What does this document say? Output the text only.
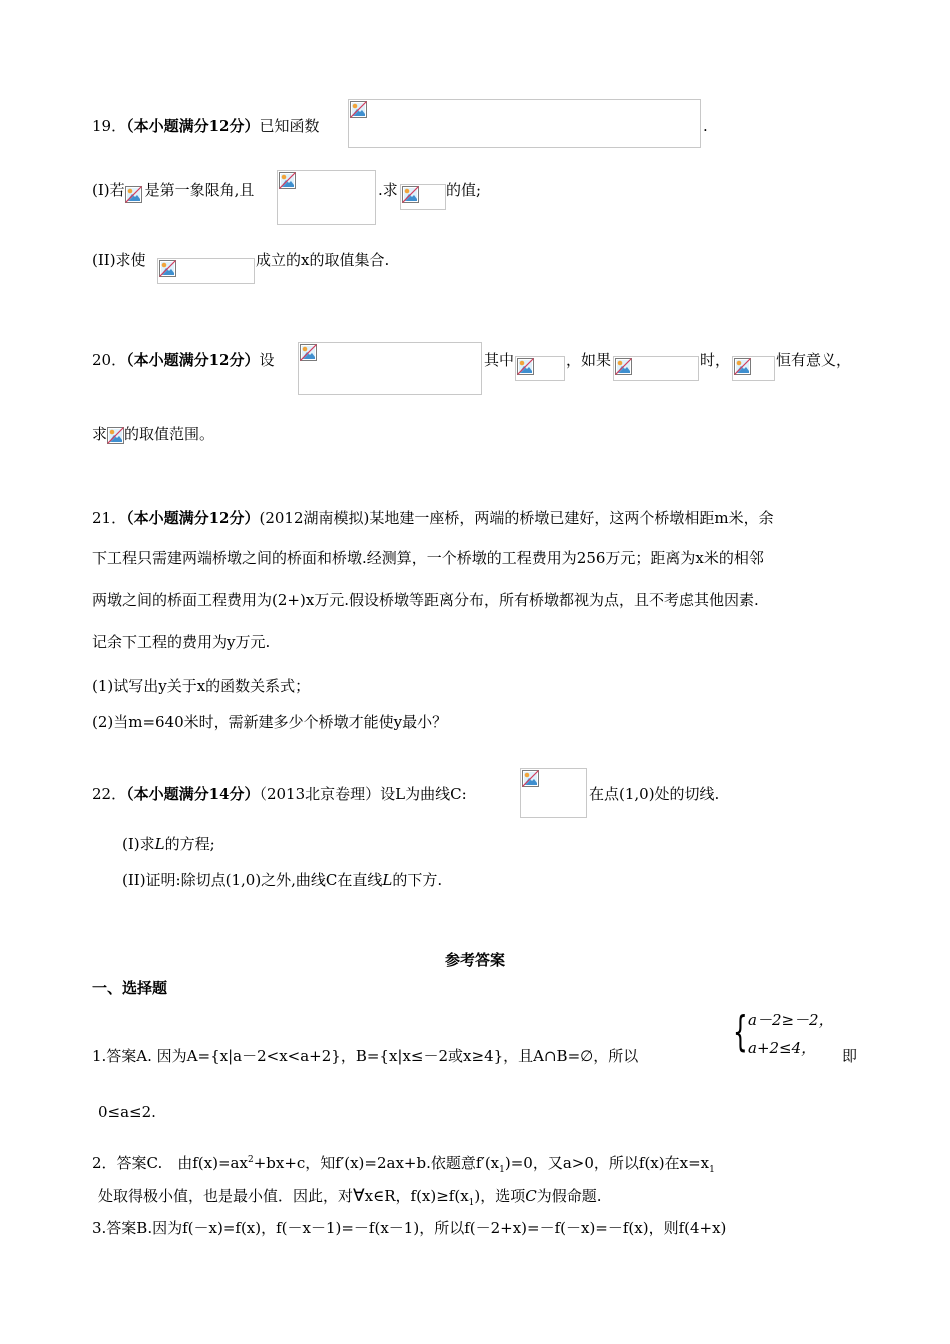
19．（本小题满分12分）已知函数	.
(I)若 是第一象限角,且	.求	的值;
(II)求使	成立的x的取值集合.
20．（本小题满分12分）设	其中	，如果	时，	恒有意义，
求 的取值范围。
21．（本小题满分12分）(2012湖南模拟)某地建一座桥，两端的桥墩已建好，这两个桥墩相距m米，余
下工程只需建两端桥墩之间的桥面和桥墩.经测算，一个桥墩的工程费用为256万元；距离为x米的相邻
两墩之间的桥面工程费用为(2+)x万元.假设桥墩等距离分布，所有桥墩都视为点，且不考虑其他因素.
记余下工程的费用为y万元.
(1)试写出y关于x的函数关系式；
(2)当m=640米时，需新建多少个桥墩才能使y最小？
22．（本小题满分14分）（2013北京卷理）设L为曲线C:	在点(1,0)处的切线.
(I)求L的方程;
(II)证明:除切点(1,0)之外,曲线C在直线L的下方.
参考答案
一、选择题
{ a－2≥－2，
a+2≤4，
1.答案A. 因为A={x|a－2<x<a+2}，B={x|x≤－2或x≥4}，且A∩B=∅，所以	即
0≤a≤2.
2．答案C.　由$f(x)=ax^2+bx+c$，知f′(x)=2ax+b.依题意$f'(x_1)=0$，又a>0，所以f(x)在$x=x_1$
处取得极小值，也是最小值．因此，对∀x∈R，$f(x)\ge f(x_1)$，选项C为假命题.
3.答案B.因为f(－x)=f(x)，f(－x－1)=－f(x－1)，所以f(－2+x)=－f(－x)=－f(x)，则f(4+x)
